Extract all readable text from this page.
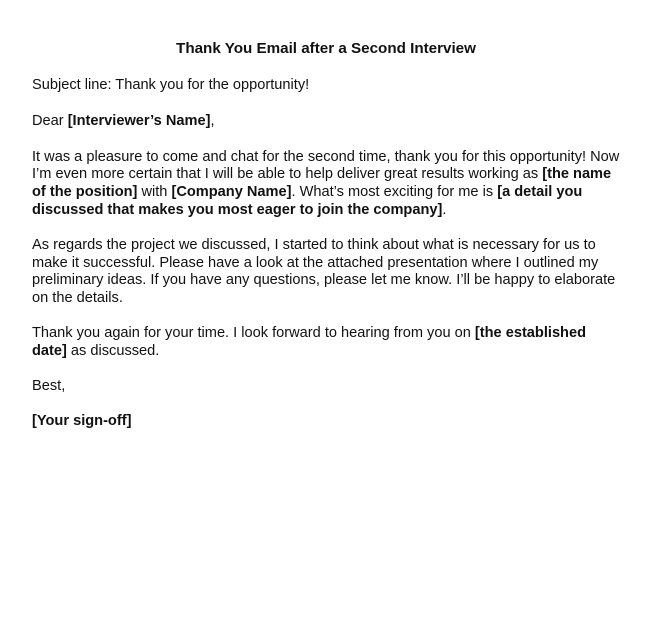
Thank You Email after a Second Interview

Subject line: Thank you for the opportunity!

Dear [Interviewer’s Name],

It was a pleasure to come and chat for the second time, thank you for this opportunity! Now I’m even more certain that I will be able to help deliver great results working as [the name of the position] with [Company Name]. What’s most exciting for me is [a detail you discussed that makes you most eager to join the company].

As regards the project we discussed, I started to think about what is necessary for us to make it successful. Please have a look at the attached presentation where I outlined my preliminary ideas. If you have any questions, please let me know. I’ll be happy to elaborate on the details.

Thank you again for your time. I look forward to hearing from you on [the established date] as discussed.

Best,

[Your sign-off]
